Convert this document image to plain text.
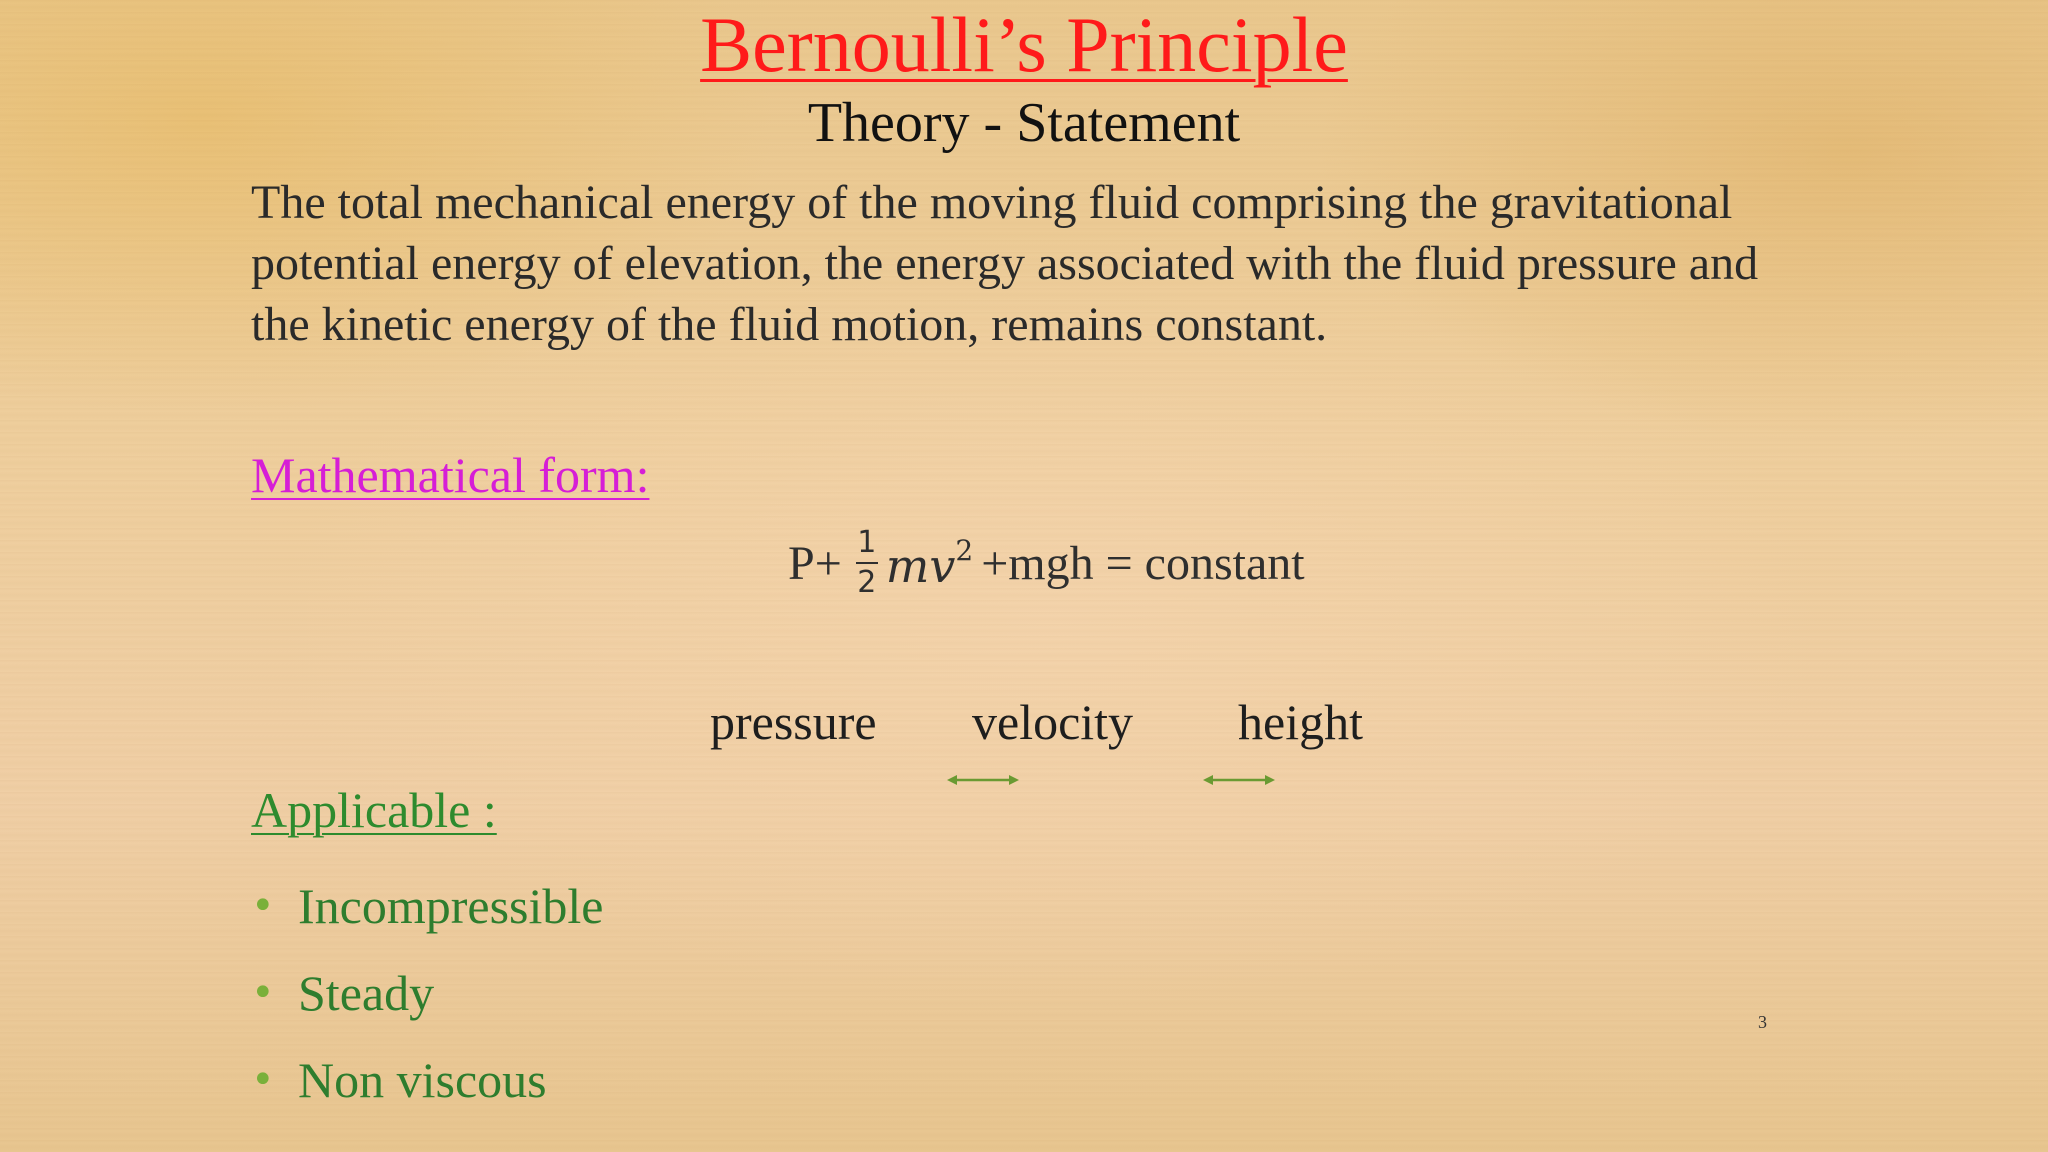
Bernoulli’s Principle
Theory - Statement

The total mechanical energy of the moving fluid comprising the gravitational potential energy of elevation, the energy associated with the fluid pressure and the kinetic energy of the fluid motion, remains constant.

Mathematical form:

$P+ \frac{1}{2} mv^2 +mgh$ = constant
pressure velocity height

Applicable :

• Incompressible
• Steady
• Non viscous
3
